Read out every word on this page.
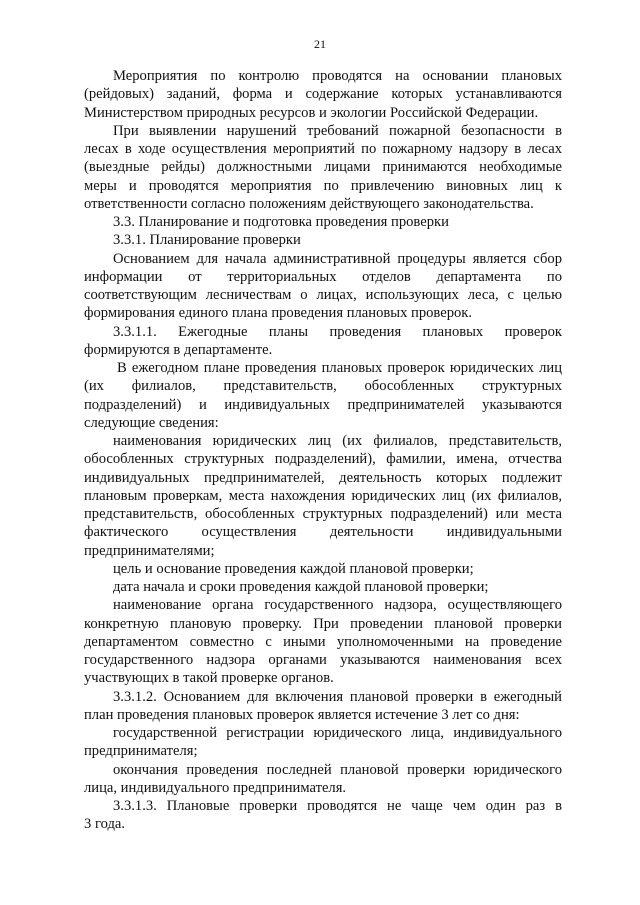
21
Мероприятия по контролю проводятся на основании плановых
(рейдовых) заданий, форма и содержание которых устанавливаются
Министерством природных ресурсов и экологии Российской Федерации.
При выявлении нарушений требований пожарной безопасности в
лесах в ходе осуществления мероприятий по пожарному надзору в лесах
(выездные рейды) должностными лицами принимаются необходимые
меры и проводятся мероприятия по привлечению виновных лиц к
ответственности согласно положениям действующего законодательства.
3.3. Планирование и подготовка проведения проверки
3.3.1. Планирование проверки
Основанием для начала административной процедуры является сбор
информации от территориальных отделов департамента по
соответствующим лесничествам о лицах, использующих леса, с целью
формирования единого плана проведения плановых проверок.
3.3.1.1. Ежегодные планы проведения плановых проверок
формируются в департаменте.
В ежегодном плане проведения плановых проверок юридических лиц
(их филиалов, представительств, обособленных структурных
подразделений) и индивидуальных предпринимателей указываются
следующие сведения:
наименования юридических лиц (их филиалов, представительств,
обособленных структурных подразделений), фамилии, имена, отчества
индивидуальных предпринимателей, деятельность которых подлежит
плановым проверкам, места нахождения юридических лиц (их филиалов,
представительств, обособленных структурных подразделений) или места
фактического осуществления деятельности индивидуальными
предпринимателями;
цель и основание проведения каждой плановой проверки;
дата начала и сроки проведения каждой плановой проверки;
наименование органа государственного надзора, осуществляющего
конкретную плановую проверку. При проведении плановой проверки
департаментом совместно с иными уполномоченными на проведение
государственного надзора органами указываются наименования всех
участвующих в такой проверке органов.
3.3.1.2. Основанием для включения плановой проверки в ежегодный
план проведения плановых проверок является истечение 3 лет со дня:
государственной регистрации юридического лица, индивидуального
предпринимателя;
окончания проведения последней плановой проверки юридического
лица, индивидуального предпринимателя.
3.3.1.3. Плановые проверки проводятся не чаще чем один раз в
3 года.
